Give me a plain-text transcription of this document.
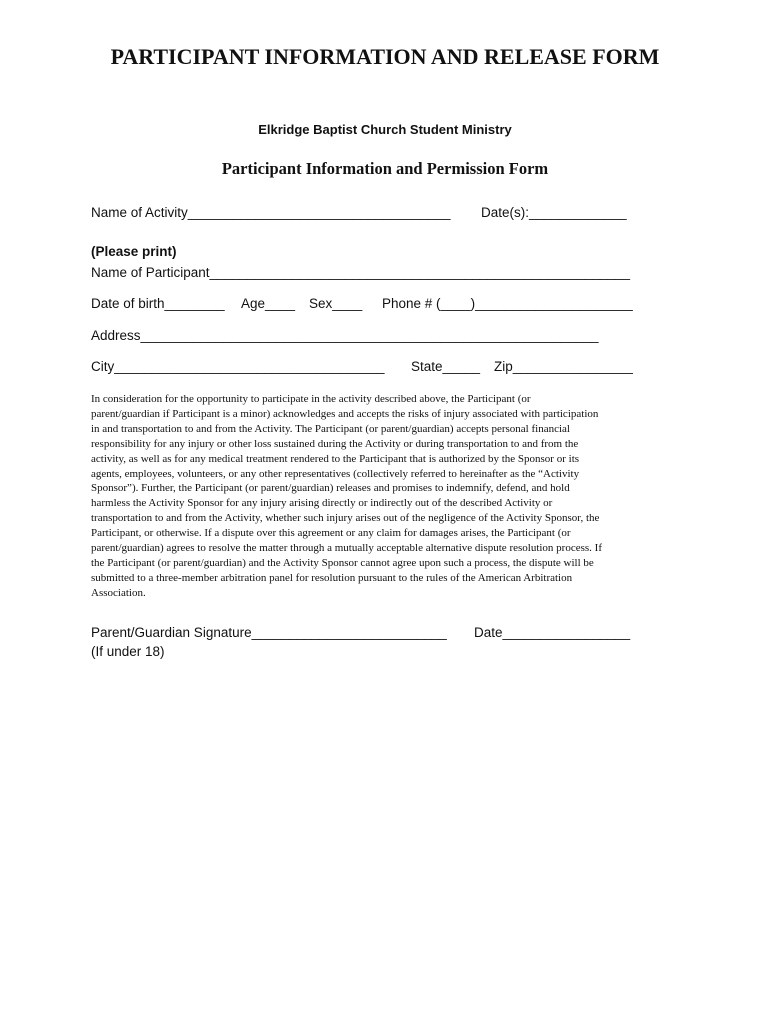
PARTICIPANT INFORMATION AND RELEASE FORM
Elkridge Baptist Church Student Ministry
Participant Information and Permission Form
Name of Activity___________________________________ Date(s):_____________
(Please print)
Name of Participant________________________________________________________
Date of birth________ Age____ Sex____ Phone # (____)_____________________
Address_____________________________________________________________
City____________________________________ State_____ Zip________________
In consideration for the opportunity to participate in the activity described above, the Participant (or
parent/guardian if Participant is a minor) acknowledges and accepts the risks of injury associated with participation
in and transportation to and from the Activity. The Participant (or parent/guardian) accepts personal financial
responsibility for any injury or other loss sustained during the Activity or during transportation to and from the
activity, as well as for any medical treatment rendered to the Participant that is authorized by the Sponsor or its
agents, employees, volunteers, or any other representatives (collectively referred to hereinafter as the “Activity
Sponsor”). Further, the Participant (or parent/guardian) releases and promises to indemnify, defend, and hold
harmless the Activity Sponsor for any injury arising directly or indirectly out of the described Activity or
transportation to and from the Activity, whether such injury arises out of the negligence of the Activity Sponsor, the
Participant, or otherwise. If a dispute over this agreement or any claim for damages arises, the Participant (or
parent/guardian) agrees to resolve the matter through a mutually acceptable alternative dispute resolution process. If
the Participant (or parent/guardian) and the Activity Sponsor cannot agree upon such a process, the dispute will be
submitted to a three-member arbitration panel for resolution pursuant to the rules of the American Arbitration
Association.
Parent/Guardian Signature__________________________ Date_________________
(If under 18)
